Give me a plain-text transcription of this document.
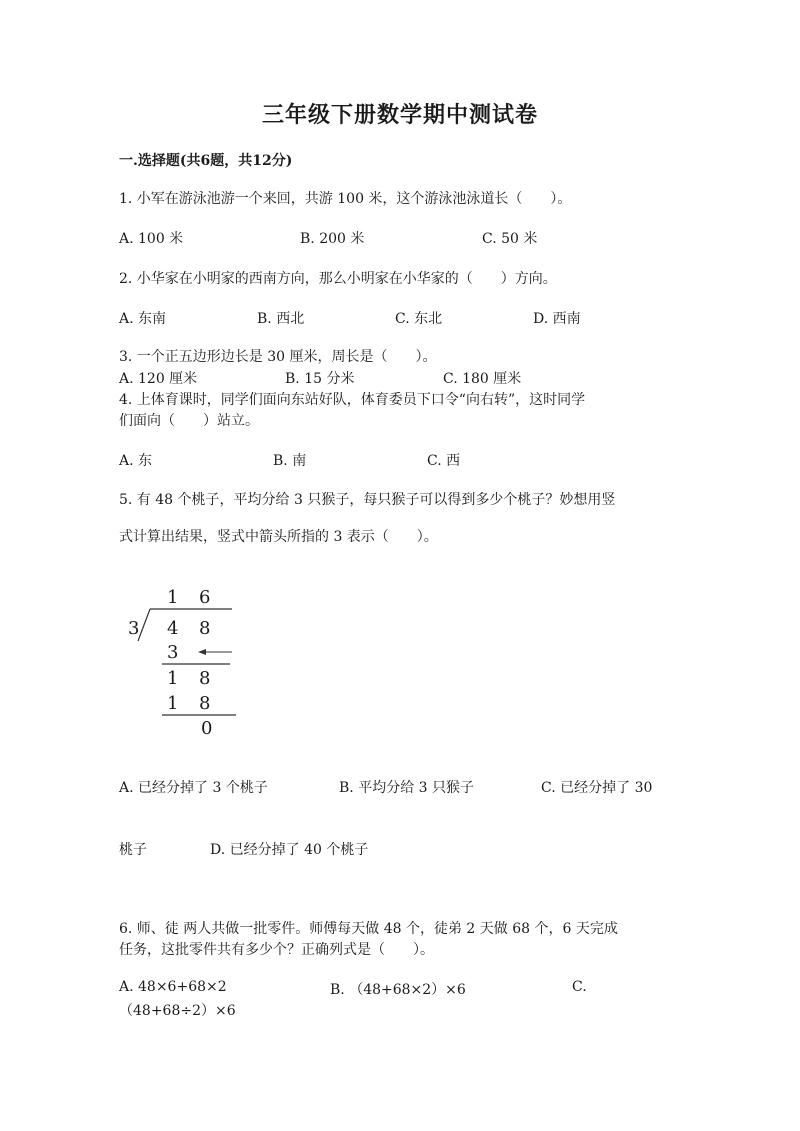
三年级下册数学期中测试卷
一.选择题(共6题，共12分)
1. 小军在游泳池游一个来回，共游 100 米，这个游泳池泳道长（　　）。
A. 100 米	B. 200 米	C. 50 米
2. 小华家在小明家的西南方向，那么小明家在小华家的（　　）方向。
A. 东南	B. 西北	C. 东北	D. 西南
3. 一个正五边形边长是 30 厘米，周长是（　　）。
A. 120 厘米	B. 15 分米	C. 180 厘米
4. 上体育课时，同学们面向东站好队，体育委员下口令“向右转”，这时同学
们面向（　　）站立。
A. 东	B. 南	C. 西
5. 有 48 个桃子，平均分给 3 只猴子，每只猴子可以得到多少个桃子？妙想用竖
式计算出结果，竖式中箭头所指的 3 表示（　　）。
1 6
3 4 8
3
1 8
1 8
0
A. 已经分掉了 3 个桃子	B. 平均分给 3 只猴子	C. 已经分掉了 30
桃子	D. 已经分掉了 40 个桃子
6. 师、徒 两人共做一批零件。师傅每天做 48 个，徒弟 2 天做 68 个，6 天完成
任务，这批零件共有多少个？正确列式是（　　）。
A. 48×6+68×2	B. （48+68×2）×6	C.
（48+68÷2）×6
